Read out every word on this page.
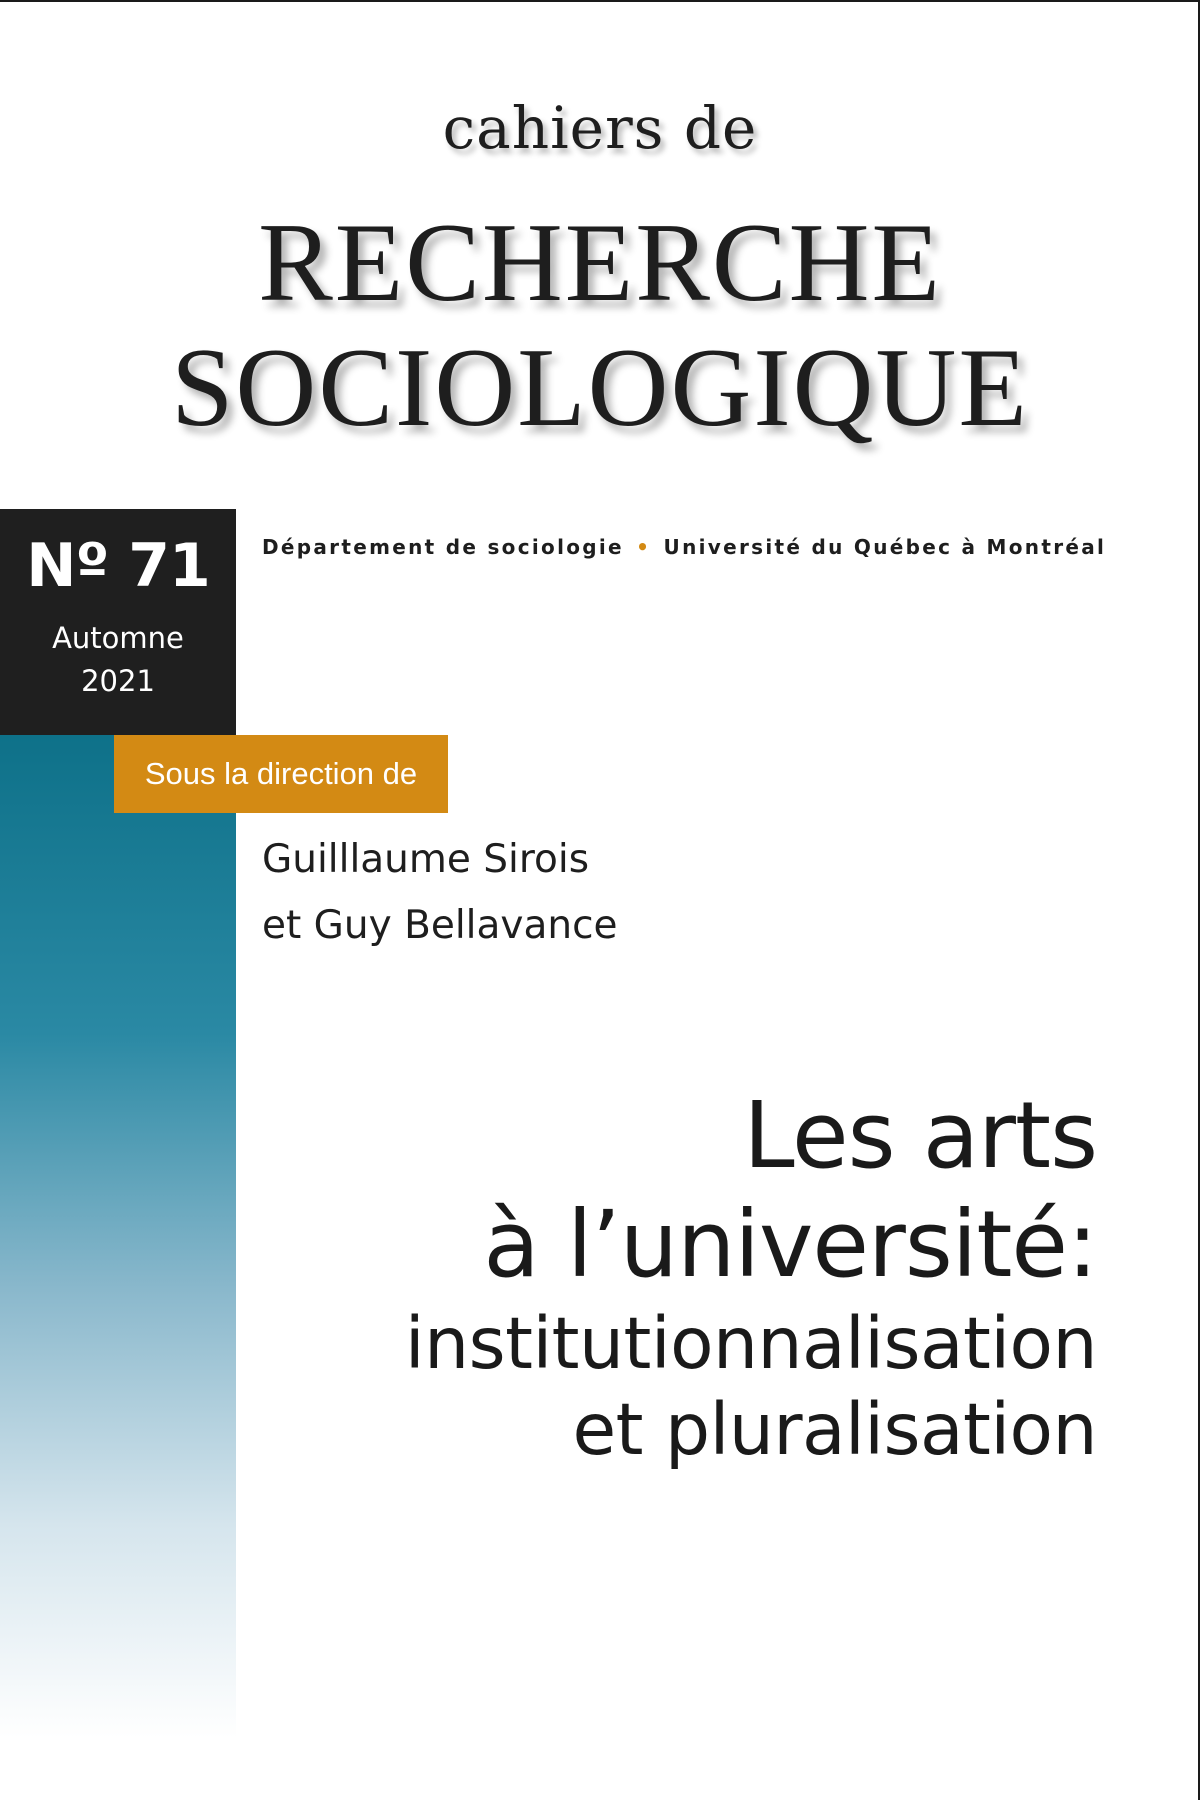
cahiers de
RECHERCHE
SOCIOLOGIQUE
Nº 71
Automne
2021
Département de sociologie • Université du Québec à Montréal
Sous la direction de
Guilllaume Sirois
et Guy Bellavance
Les arts
à l’université:
institutionnalisation
et pluralisation
